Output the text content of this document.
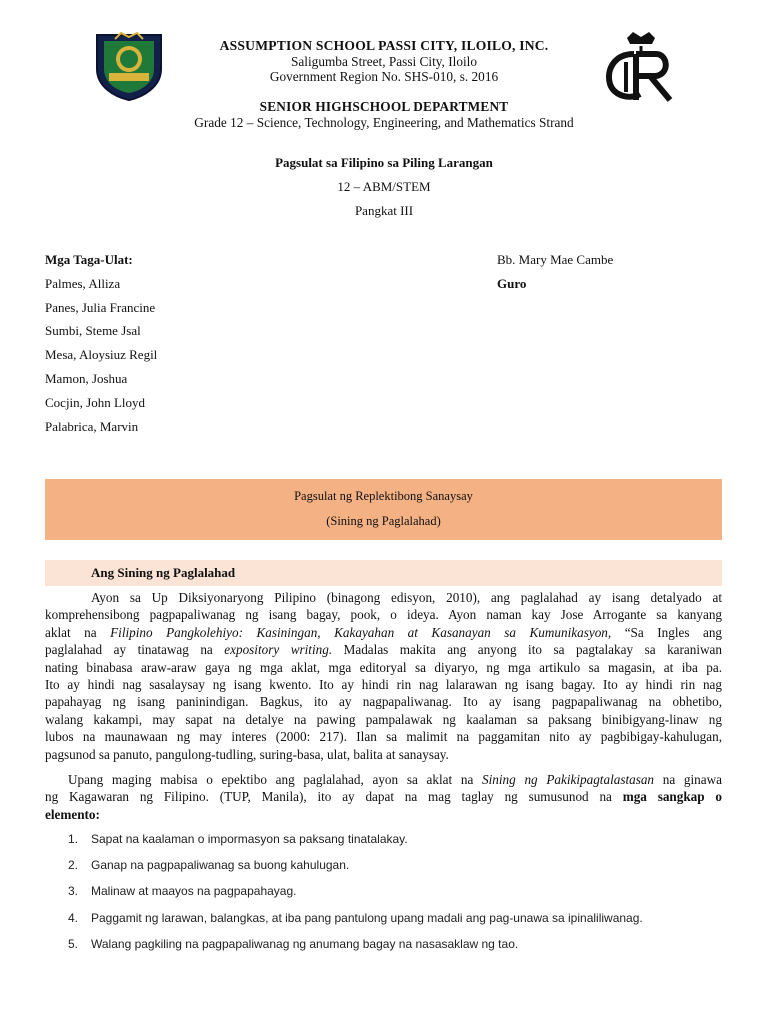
ASSUMPTION SCHOOL PASSI CITY, ILOILO, INC.
Saligumba Street, Passi City, Iloilo
Government Region No. SHS-010, s. 2016
SENIOR HIGHSCHOOL DEPARTMENT
Grade 12 – Science, Technology, Engineering, and Mathematics Strand
Pagsulat sa Filipino sa Piling Larangan
12 – ABM/STEM
Pangkat III
Mga Taga-Ulat:
Palmes, Alliza
Panes, Julia Francine
Sumbi, Steme Jsal
Mesa, Aloysiuz Regil
Mamon, Joshua
Cocjin, John Lloyd
Palabrica, Marvin
Bb. Mary Mae Cambe
Guro
Pagsulat ng Replektibong Sanaysay
(Sining ng Paglalahad)
Ang Sining ng Paglalahad
Ayon sa Up Diksiyonaryong Pilipino (binagong edisyon, 2010), ang paglalahad ay isang detalyado at
komprehensibong pagpapaliwanag ng isang bagay, pook, o ideya. Ayon naman kay Jose Arrogante sa kanyang
aklat na Filipino Pangkolehiyo: Kasiningan, Kakayahan at Kasanayan sa Kumunikasyon, “Sa Ingles ang
paglalahad ay tinatawag na expository writing. Madalas makita ang anyong ito sa pagtalakay sa karaniwan
nating binabasa araw-araw gaya ng mga aklat, mga editoryal sa diyaryo, ng mga artikulo sa magasin, at iba pa.
Ito ay hindi nag sasalaysay ng isang kwento. Ito ay hindi rin nag lalarawan ng isang bagay. Ito ay hindi rin nag
papahayag ng isang paninindigan. Bagkus, ito ay nagpapaliwanag. Ito ay isang pagpapaliwanag na obhetibo,
walang kakampi, may sapat na detalye na pawing pampalawak ng kaalaman sa paksang binibigyang-linaw ng
lubos na maunawaan ng may interes (2000: 217). Ilan sa malimit na paggamitan nito ay pagbibigay-kahulugan,
pagsunod sa panuto, pangulong-tudling, suring-basa, ulat, balita at sanaysay.
Upang maging mabisa o epektibo ang paglalahad, ayon sa aklat na Sining ng Pakikipagtalastasan na ginawa
ng Kagawaran ng Filipino. (TUP, Manila), ito ay dapat na mag taglay ng sumusunod na mga sangkap o
elemento:
1. Sapat na kaalaman o impormasyon sa paksang tinatalakay.
2. Ganap na pagpapaliwanag sa buong kahulugan.
3. Malinaw at maayos na pagpapahayag.
4. Paggamit ng larawan, balangkas, at iba pang pantulong upang madali ang pag-unawa sa ipinaliliwanag.
5. Walang pagkiling na pagpapaliwanag ng anumang bagay na nasasaklaw ng tao.
